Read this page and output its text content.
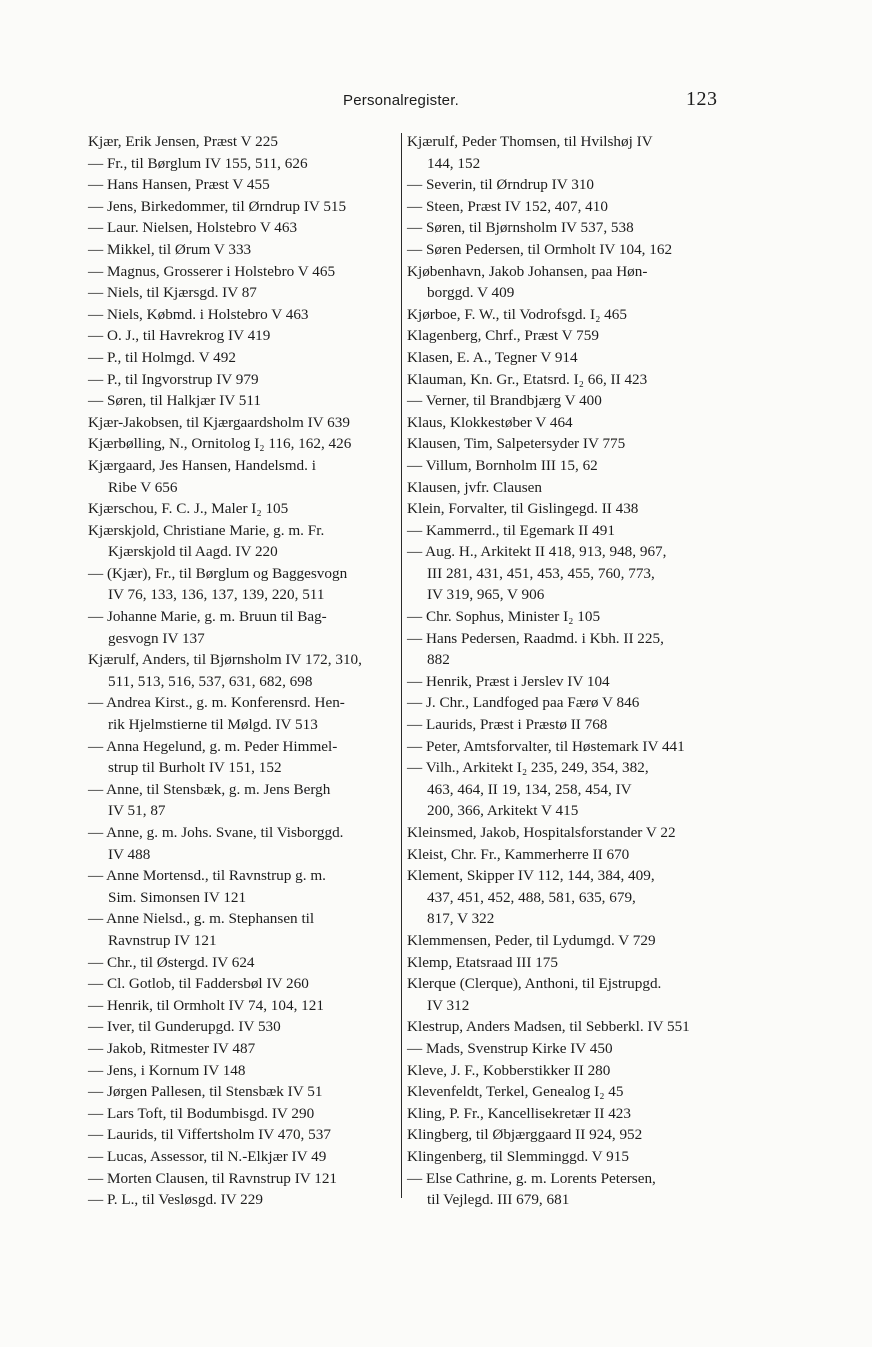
Personalregister.	123
Kjær, Erik Jensen, Præst V 225
— Fr., til Børglum IV 155, 511, 626
— Hans Hansen, Præst V 455
— Jens, Birkedommer, til Ørndrup IV 515
— Laur. Nielsen, Holstebro V 463
— Mikkel, til Ørum V 333
— Magnus, Grosserer i Holstebro V 465
— Niels, til Kjærsgd. IV 87
— Niels, Købmd. i Holstebro V 463
— O. J., til Havrekrog IV 419
— P., til Holmgd. V 492
— P., til Ingvorstrup IV 979
— Søren, til Halkjær IV 511
Kjær-Jakobsen, til Kjærgaardsholm IV 639
Kjærbølling, N., Ornitolog I₂ 116, 162, 426
Kjærgaard, Jes Hansen, Handelsmd. i
Ribe V 656
Kjærschou, F. C. J., Maler I₂ 105
Kjærskjold, Christiane Marie, g. m. Fr.
Kjærskjold til Aagd. IV 220
— (Kjær), Fr., til Børglum og Baggesvogn
IV 76, 133, 136, 137, 139, 220, 511
— Johanne Marie, g. m. Bruun til Bag-
gesvogn IV 137
Kjærulf, Anders, til Bjørnsholm IV 172, 310,
511, 513, 516, 537, 631, 682, 698
— Andrea Kirst., g. m. Konferensrd. Hen-
rik Hjelmstierne til Mølgd. IV 513
— Anna Hegelund, g. m. Peder Himmel-
strup til Burholt IV 151, 152
— Anne, til Stensbæk, g. m. Jens Bergh
IV 51, 87
— Anne, g. m. Johs. Svane, til Visborggd.
IV 488
— Anne Mortensd., til Ravnstrup g. m.
Sim. Simonsen IV 121
— Anne Nielsd., g. m. Stephansen til
Ravnstrup IV 121
— Chr., til Østergd. IV 624
— Cl. Gotlob, til Faddersbøl IV 260
— Henrik, til Ormholt IV 74, 104, 121
— Iver, til Gunderupgd. IV 530
— Jakob, Ritmester IV 487
— Jens, i Kornum IV 148
— Jørgen Pallesen, til Stensbæk IV 51
— Lars Toft, til Bodumbisgd. IV 290
— Laurids, til Viffertsholm IV 470, 537
— Lucas, Assessor, til N.-Elkjær IV 49
— Morten Clausen, til Ravnstrup IV 121
— P. L., til Vesløsgd. IV 229
Kjærulf, Peder Thomsen, til Hvilshøj IV
144, 152
— Severin, til Ørndrup IV 310
— Steen, Præst IV 152, 407, 410
— Søren, til Bjørnsholm IV 537, 538
— Søren Pedersen, til Ormholt IV 104, 162
Kjøbenhavn, Jakob Johansen, paa Høn-
borggd. V 409
Kjørboe, F. W., til Vodrofsgd. I₂ 465
Klagenberg, Chrf., Præst V 759
Klasen, E. A., Tegner V 914
Klauman, Kn. Gr., Etatsrd. I₂ 66, II 423
— Verner, til Brandbjærg V 400
Klaus, Klokkestøber V 464
Klausen, Tim, Salpetersyder IV 775
— Villum, Bornholm III 15, 62
Klausen, jvfr. Clausen
Klein, Forvalter, til Gislingegd. II 438
— Kammerrd., til Egemark II 491
— Aug. H., Arkitekt II 418, 913, 948, 967,
III 281, 431, 451, 453, 455, 760, 773,
IV 319, 965, V 906
— Chr. Sophus, Minister I₂ 105
— Hans Pedersen, Raadmd. i Kbh. II 225,
882
— Henrik, Præst i Jerslev IV 104
— J. Chr., Landfoged paa Færø V 846
— Laurids, Præst i Præstø II 768
— Peter, Amtsforvalter, til Høstemark IV 441
— Vilh., Arkitekt I₂ 235, 249, 354, 382,
463, 464, II 19, 134, 258, 454, IV
200, 366, Arkitekt V 415
Kleinsmed, Jakob, Hospitalsforstander V 22
Kleist, Chr. Fr., Kammerherre II 670
Klement, Skipper IV 112, 144, 384, 409,
437, 451, 452, 488, 581, 635, 679,
817, V 322
Klemmensen, Peder, til Lydumgd. V 729
Klemp, Etatsraad III 175
Klerque (Clerque), Anthoni, til Ejstrupgd.
IV 312
Klestrup, Anders Madsen, til Sebberkl. IV 551
— Mads, Svenstrup Kirke IV 450
Kleve, J. F., Kobberstikker II 280
Klevenfeldt, Terkel, Genealog I₂ 45
Kling, P. Fr., Kancellisekretær II 423
Klingberg, til Øbjærggaard II 924, 952
Klingenberg, til Slemminggd. V 915
— Else Cathrine, g. m. Lorents Petersen,
til Vejlegd. III 679, 681
